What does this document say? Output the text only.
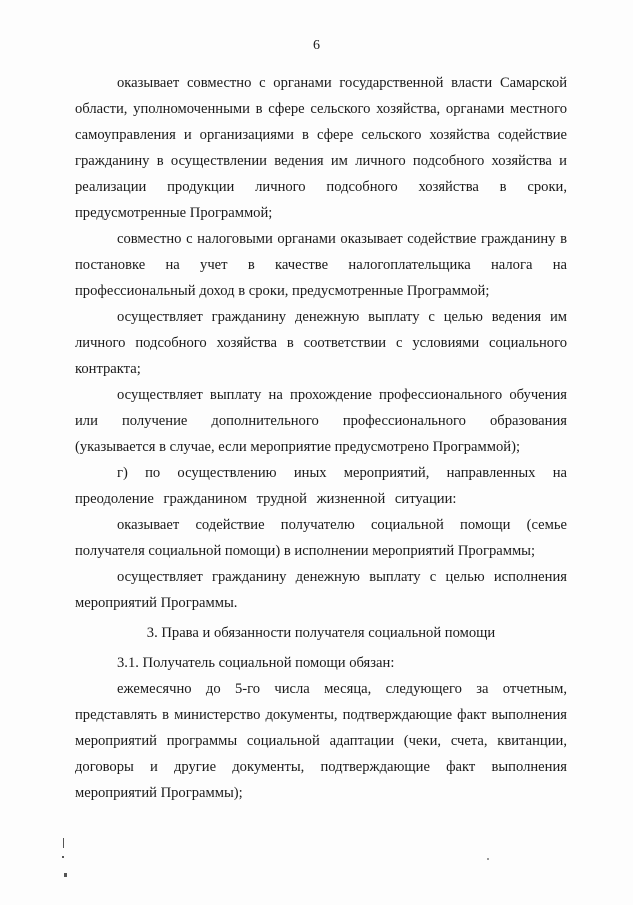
6

оказывает совместно с органами государственной власти Самарской области, уполномоченными в сфере сельского хозяйства, органами местного самоуправления и организациями в сфере сельского хозяйства содействие гражданину в осуществлении ведения им личного подсобного хозяйства и реализации продукции личного подсобного хозяйства в сроки, предусмотренные Программой;

совместно с налоговыми органами оказывает содействие гражданину в постановке на учет в качестве налогоплательщика налога на профессиональный доход в сроки, предусмотренные Программой;

осуществляет гражданину денежную выплату с целью ведения им личного подсобного хозяйства в соответствии с условиями социального контракта;

осуществляет выплату на прохождение профессионального обучения или получение дополнительного профессионального образования (указывается в случае, если мероприятие предусмотрено Программой);

г) по осуществлению иных мероприятий, направленных на преодоление гражданином трудной жизненной ситуации:

оказывает содействие получателю социальной помощи (семье получателя социальной помощи) в исполнении мероприятий Программы;

осуществляет гражданину денежную выплату с целью исполнения мероприятий Программы.

3. Права и обязанности получателя социальной помощи

3.1. Получатель социальной помощи обязан:

ежемесячно до 5-го числа месяца, следующего за отчетным, представлять в министерство документы, подтверждающие факт выполнения мероприятий программы социальной адаптации (чеки, счета, квитанции, договоры и другие документы, подтверждающие факт выполнения мероприятий Программы);
